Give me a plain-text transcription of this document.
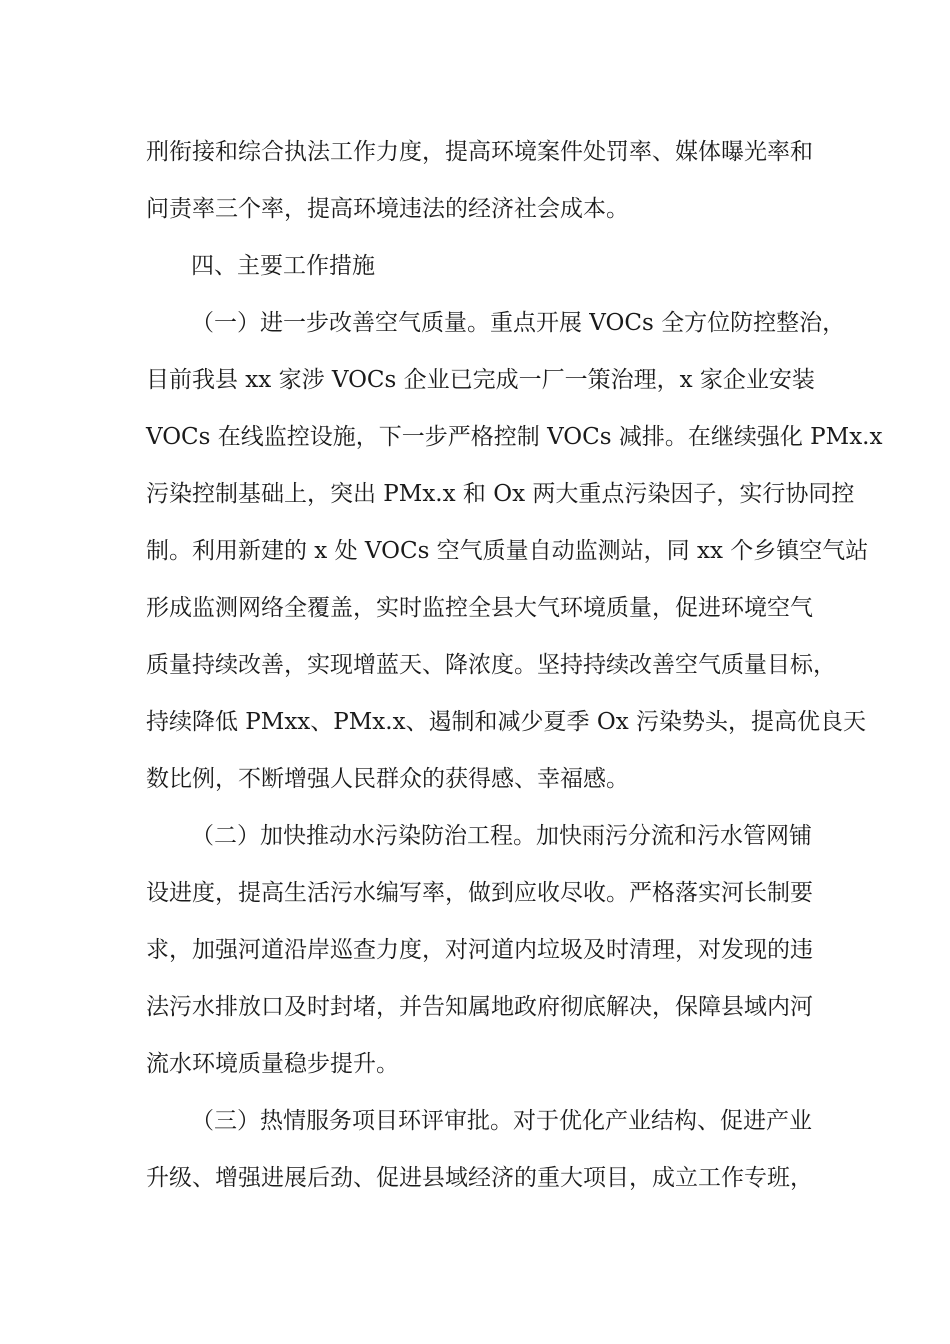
刑衔接和综合执法工作力度，提高环境案件处罚率、媒体曝光率和
问责率三个率，提高环境违法的经济社会成本。
四、主要工作措施
（一）进一步改善空气质量。重点开展 VOCs 全方位防控整治，
目前我县 xx 家涉 VOCs 企业已完成一厂一策治理，x 家企业安装
VOCs 在线监控设施，下一步严格控制 VOCs 减排。在继续强化 PMx.x
污染控制基础上，突出 PMx.x 和 Ox 两大重点污染因子，实行协同控
制。利用新建的 x 处 VOCs 空气质量自动监测站，同 xx 个乡镇空气站
形成监测网络全覆盖，实时监控全县大气环境质量，促进环境空气
质量持续改善，实现增蓝天、降浓度。坚持持续改善空气质量目标，
持续降低 PMxx、PMx.x、遏制和减少夏季 Ox 污染势头，提高优良天
数比例，不断增强人民群众的获得感、幸福感。
（二）加快推动水污染防治工程。加快雨污分流和污水管网铺
设进度，提高生活污水编写率，做到应收尽收。严格落实河长制要
求，加强河道沿岸巡查力度，对河道内垃圾及时清理，对发现的违
法污水排放口及时封堵，并告知属地政府彻底解决，保障县域内河
流水环境质量稳步提升。
（三）热情服务项目环评审批。对于优化产业结构、促进产业
升级、增强进展后劲、促进县域经济的重大项目，成立工作专班，
